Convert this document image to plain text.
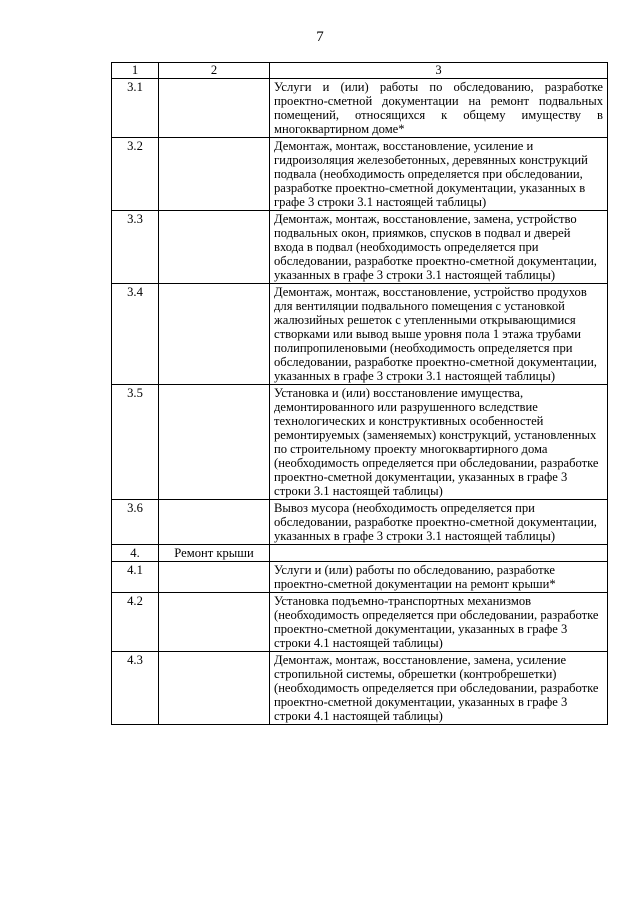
7
1	2	3
3.1		Услуги и (или) работы по обследованию, разработке проектно-сметной документации на ремонт подвальных помещений, относящихся к общему имуществу в многоквартирном доме*
3.2		Демонтаж, монтаж, восстановление, усиление и гидроизоляция железобетонных, деревянных конструкций подвала (необходимость определяется при обследовании, разработке проектно-сметной документации, указанных в графе 3 строки 3.1 настоящей таблицы)
3.3		Демонтаж, монтаж, восстановление, замена, устройство подвальных окон, приямков, спусков в подвал и дверей входа в подвал (необходимость определяется при обследовании, разработке проектно-сметной документации, указанных в графе 3 строки 3.1 настоящей таблицы)
3.4		Демонтаж, монтаж, восстановление, устройство продухов для вентиляции подвального помещения с установкой жалюзийных решеток с утепленными открывающимися створками или вывод выше уровня пола 1 этажа трубами полипропиленовыми (необходимость определяется при обследовании, разработке проектно-сметной документации, указанных в графе 3 строки 3.1 настоящей таблицы)
3.5		Установка и (или) восстановление имущества, демонтированного или разрушенного вследствие технологических и конструктивных особенностей ремонтируемых (заменяемых) конструкций, установленных по строительному проекту многоквартирного дома (необходимость определяется при обследовании, разработке проектно-сметной документации, указанных в графе 3 строки 3.1 настоящей таблицы)
3.6		Вывоз мусора (необходимость определяется при обследовании, разработке проектно-сметной документации, указанных в графе 3 строки 3.1 настоящей таблицы)
4.	Ремонт крыши	
4.1		Услуги и (или) работы по обследованию, разработке проектно-сметной документации на ремонт крыши*
4.2		Установка подъемно-транспортных механизмов (необходимость определяется при обследовании, разработке проектно-сметной документации, указанных в графе 3 строки 4.1 настоящей таблицы)
4.3		Демонтаж, монтаж, восстановление, замена, усиление стропильной системы, обрешетки (контробрешетки) (необходимость определяется при обследовании, разработке проектно-сметной документации, указанных в графе 3 строки 4.1 настоящей таблицы)
